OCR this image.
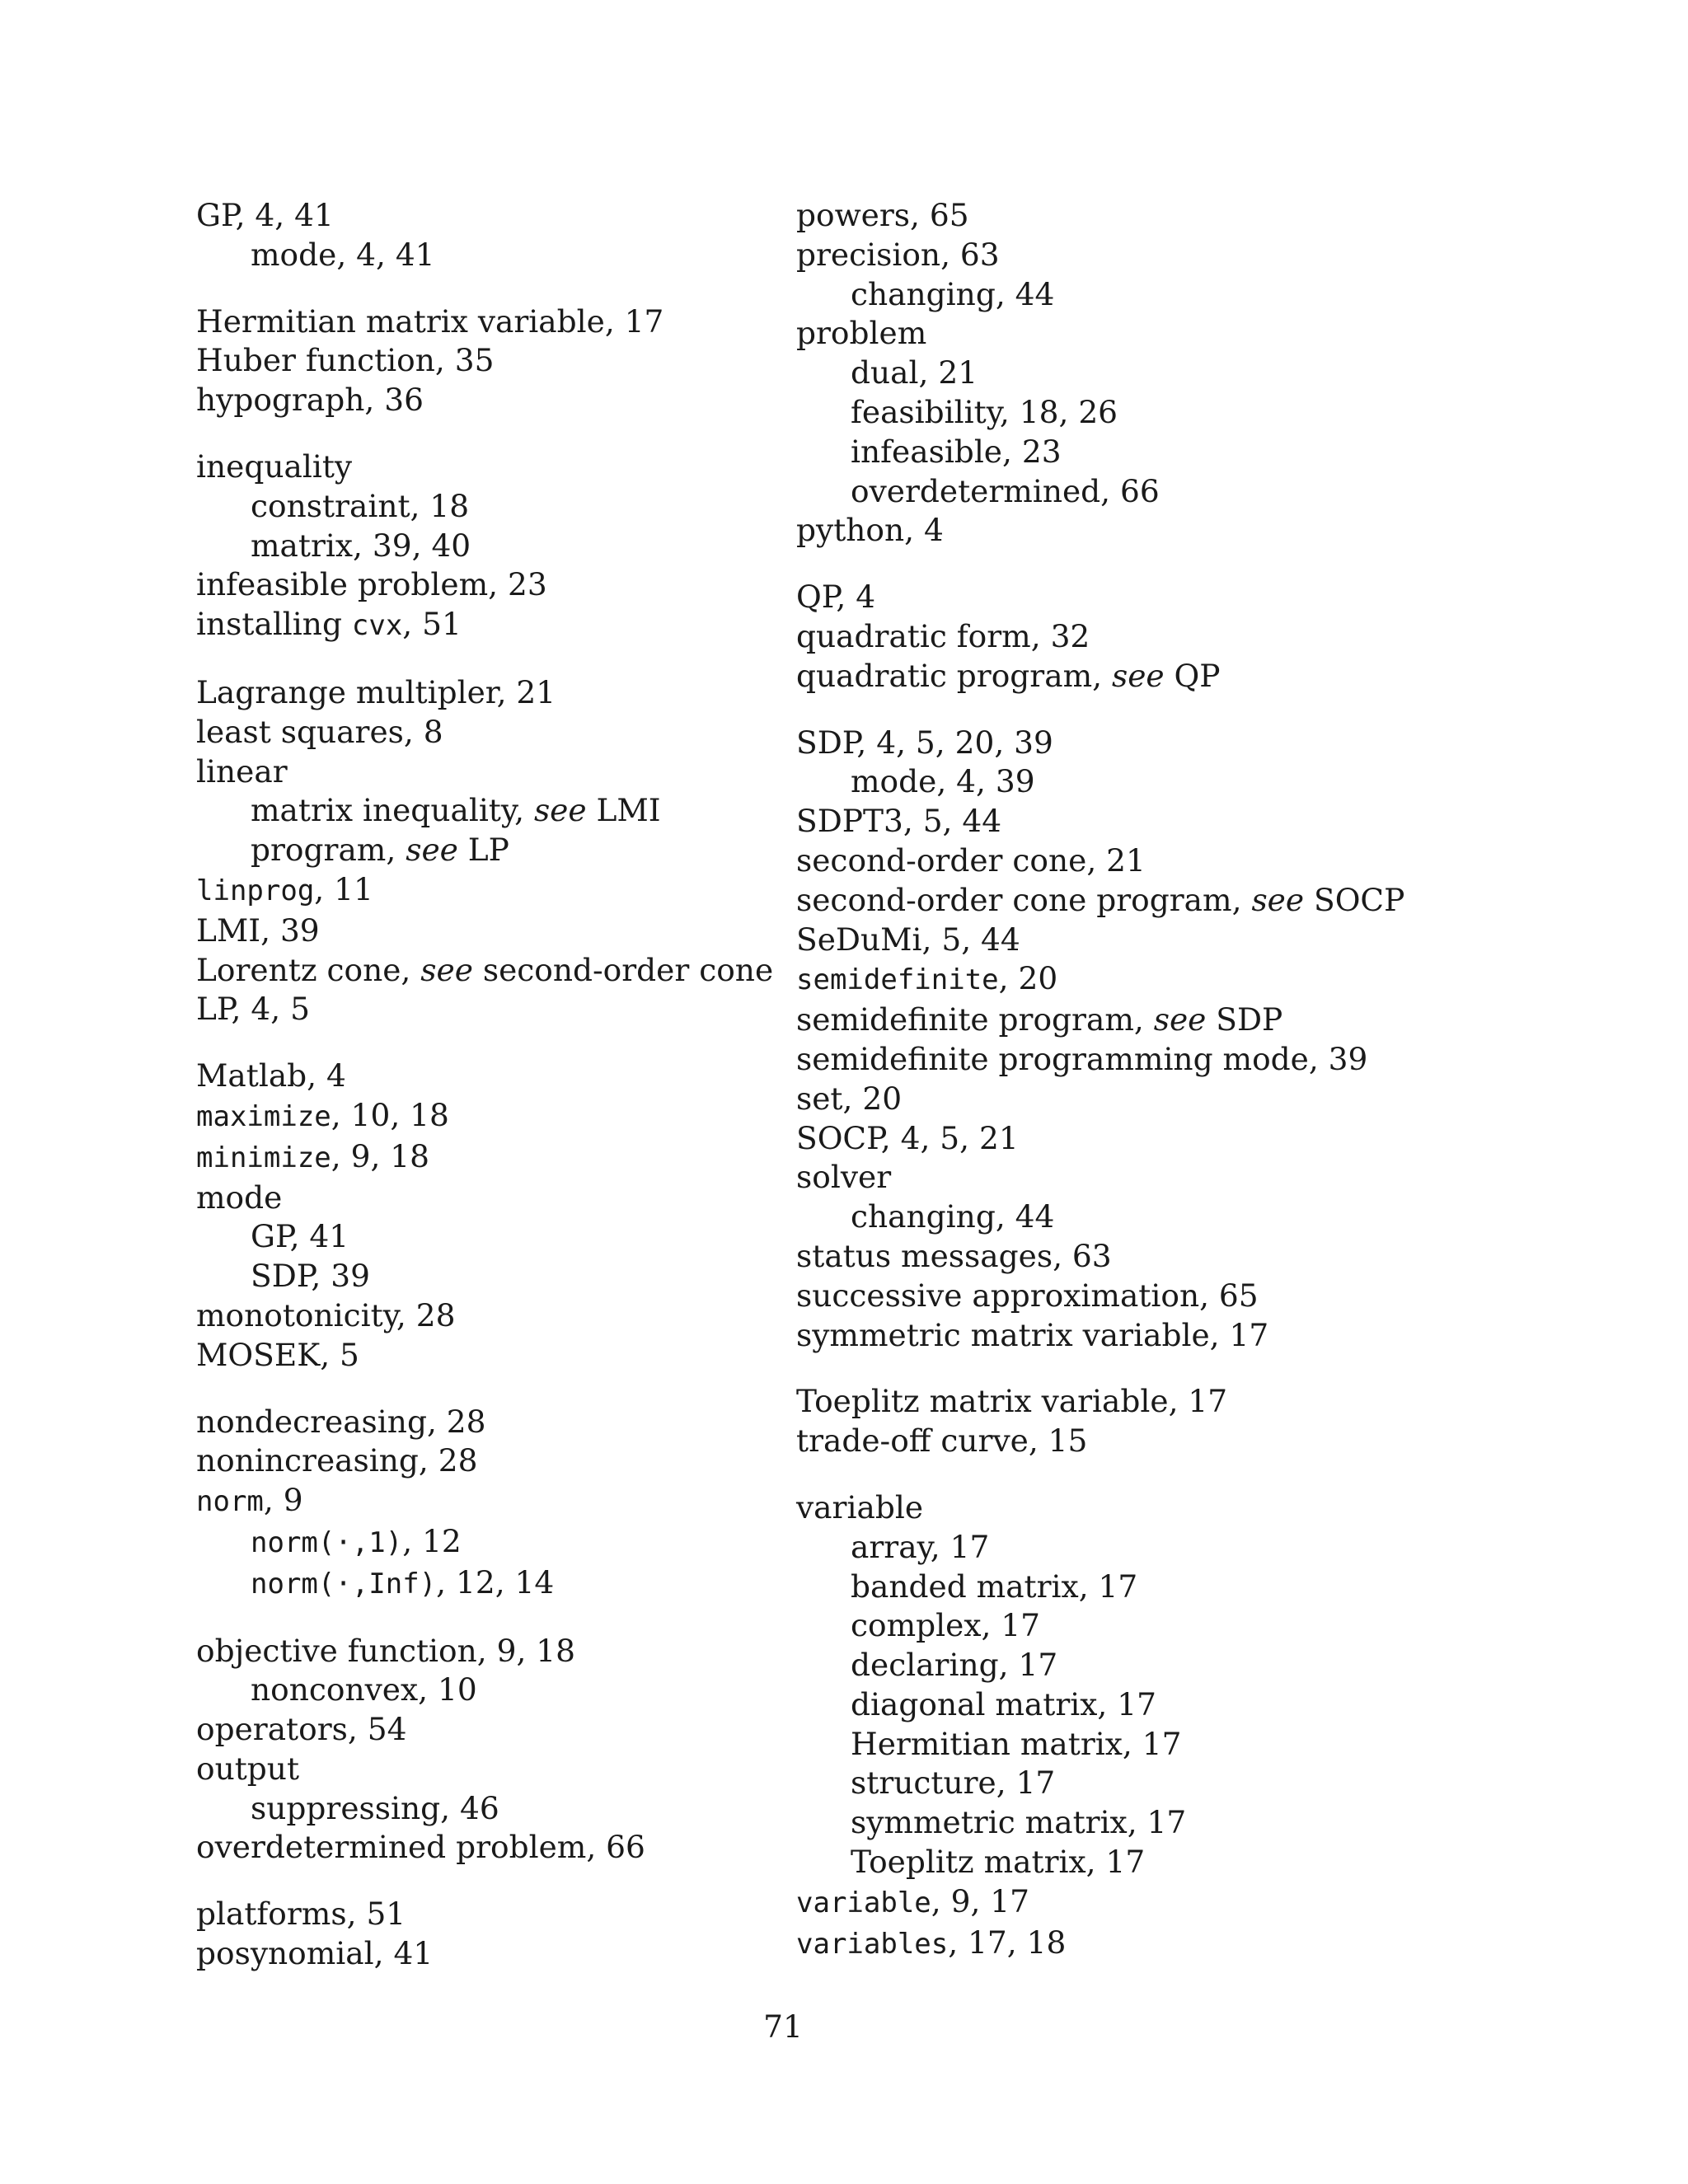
GP, 4, 41
mode, 4, 41
Hermitian matrix variable, 17
Huber function, 35
hypograph, 36
inequality
constraint, 18
matrix, 39, 40
infeasible problem, 23
installing cvx, 51
Lagrange multipler, 21
least squares, 8
linear
matrix inequality, see LMI
program, see LP
linprog, 11
LMI, 39
Lorentz cone, see second-order cone
LP, 4, 5
Matlab, 4
maximize, 10, 18
minimize, 9, 18
mode
GP, 41
SDP, 39
monotonicity, 28
MOSEK, 5
nondecreasing, 28
nonincreasing, 28
norm, 9
norm(·,1), 12
norm(·,Inf), 12, 14
objective function, 9, 18
nonconvex, 10
operators, 54
output
suppressing, 46
overdetermined problem, 66
platforms, 51
posynomial, 41
powers, 65
precision, 63
changing, 44
problem
dual, 21
feasibility, 18, 26
infeasible, 23
overdetermined, 66
python, 4
QP, 4
quadratic form, 32
quadratic program, see QP
SDP, 4, 5, 20, 39
mode, 4, 39
SDPT3, 5, 44
second-order cone, 21
second-order cone program, see SOCP
SeDuMi, 5, 44
semidefinite, 20
semidefinite program, see SDP
semidefinite programming mode, 39
set, 20
SOCP, 4, 5, 21
solver
changing, 44
status messages, 63
successive approximation, 65
symmetric matrix variable, 17
Toeplitz matrix variable, 17
trade-off curve, 15
variable
array, 17
banded matrix, 17
complex, 17
declaring, 17
diagonal matrix, 17
Hermitian matrix, 17
structure, 17
symmetric matrix, 17
Toeplitz matrix, 17
variable, 9, 17
variables, 17, 18
71
